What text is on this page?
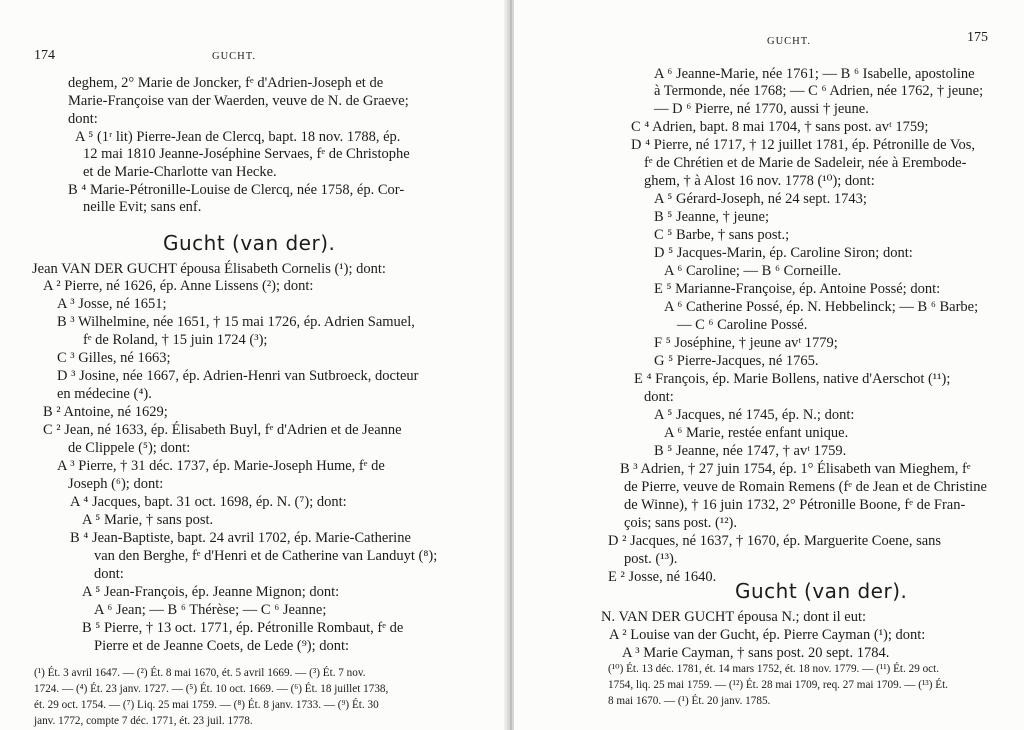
174	GUCHT.
deghem, 2° Marie de Joncker, fᵉ d'Adrien-Joseph et de
Marie-Françoise van der Waerden, veuve de N. de Graeve;
dont:
A ⁵ (1ʳ lit) Pierre-Jean de Clercq, bapt. 18 nov. 1788, ép.
12 mai 1810 Jeanne-Joséphine Servaes, fᵉ de Christophe
et de Marie-Charlotte van Hecke.
B ⁴ Marie-Pétronille-Louise de Clercq, née 1758, ép. Cor-
neille Evit; sans enf.
Gucht (van der).
Jean VAN DER GUCHT épousa Élisabeth Cornelis (¹); dont:
A ² Pierre, né 1626, ép. Anne Lissens (²); dont:
A ³ Josse, né 1651;
B ³ Wilhelmine, née 1651, † 15 mai 1726, ép. Adrien Samuel,
fᵉ de Roland, † 15 juin 1724 (³);
C ³ Gilles, né 1663;
D ³ Josine, née 1667, ép. Adrien-Henri van Sutbroeck, docteur
en médecine (⁴).
B ² Antoine, né 1629;
C ² Jean, né 1633, ép. Élisabeth Buyl, fᵉ d'Adrien et de Jeanne
de Clippele (⁵); dont:
A ³ Pierre, † 31 déc. 1737, ép. Marie-Joseph Hume, fᵉ de
Joseph (⁶); dont:
A ⁴ Jacques, bapt. 31 oct. 1698, ép. N. (⁷); dont:
A ⁵ Marie, † sans post.
B ⁴ Jean-Baptiste, bapt. 24 avril 1702, ép. Marie-Catherine
van den Berghe, fᵉ d'Henri et de Catherine van Landuyt (⁸);
dont:
A ⁵ Jean-François, ép. Jeanne Mignon; dont:
A ⁶ Jean; — B ⁶ Thérèse; — C ⁶ Jeanne;
B ⁵ Pierre, † 13 oct. 1771, ép. Pétronille Rombaut, fᵉ de
Pierre et de Jeanne Coets, de Lede (⁹); dont:
(¹) Ét. 3 avril 1647. — (²) Ét. 8 mai 1670, ét. 5 avril 1669. — (³) Ét. 7 nov.
1724. — (⁴) Ét. 23 janv. 1727. — (⁵) Ét. 10 oct. 1669. — (⁶) Ét. 18 juillet 1738,
ét. 29 oct. 1754. — (⁷) Liq. 25 mai 1759. — (⁸) Ét. 8 janv. 1733. — (⁹) Ét. 30
janv. 1772, compte 7 déc. 1771, ét. 23 juil. 1778.
GUCHT.	175
A ⁶ Jeanne-Marie, née 1761; — B ⁶ Isabelle, apostoline
à Termonde, née 1768; — C ⁶ Adrien, née 1762, † jeune;
— D ⁶ Pierre, né 1770, aussi † jeune.
C ⁴ Adrien, bapt. 8 mai 1704, † sans post. avᵗ 1759;
D ⁴ Pierre, né 1717, † 12 juillet 1781, ép. Pétronille de Vos,
fᵉ de Chrétien et de Marie de Sadeleir, née à Erembode-
ghem, † à Alost 16 nov. 1778 (¹⁰); dont:
A ⁵ Gérard-Joseph, né 24 sept. 1743;
B ⁵ Jeanne, † jeune;
C ⁵ Barbe, † sans post.;
D ⁵ Jacques-Marin, ép. Caroline Siron; dont:
A ⁶ Caroline; — B ⁶ Corneille.
E ⁵ Marianne-Françoise, ép. Antoine Possé; dont:
A ⁶ Catherine Possé, ép. N. Hebbelinck; — B ⁶ Barbe;
— C ⁶ Caroline Possé.
F ⁵ Joséphine, † jeune avᵗ 1779;
G ⁵ Pierre-Jacques, né 1765.
E ⁴ François, ép. Marie Bollens, native d'Aerschot (¹¹);
dont:
A ⁵ Jacques, né 1745, ép. N.; dont:
A ⁶ Marie, restée enfant unique.
B ⁵ Jeanne, née 1747, † avᵗ 1759.
B ³ Adrien, † 27 juin 1754, ép. 1° Élisabeth van Mieghem, fᵉ
de Pierre, veuve de Romain Remens (fᵉ de Jean et de Christine
de Winne), † 16 juin 1732, 2° Pétronille Boone, fᵉ de Fran-
çois; sans post. (¹²).
D ² Jacques, né 1637, † 1670, ép. Marguerite Coene, sans
post. (¹³).
E ² Josse, né 1640.
Gucht (van der).
N. VAN DER GUCHT épousa N.; dont il eut:
A ² Louise van der Gucht, ép. Pierre Cayman (¹); dont:
A ³ Marie Cayman, † sans post. 20 sept. 1784.
(¹⁰) Ét. 13 déc. 1781, ét. 14 mars 1752, ét. 18 nov. 1779. — (¹¹) Ét. 29 oct.
1754, liq. 25 mai 1759. — (¹²) Ét. 28 mai 1709, req. 27 mai 1709. — (¹³) Ét.
8 mai 1670. — (¹) Ét. 20 janv. 1785.
